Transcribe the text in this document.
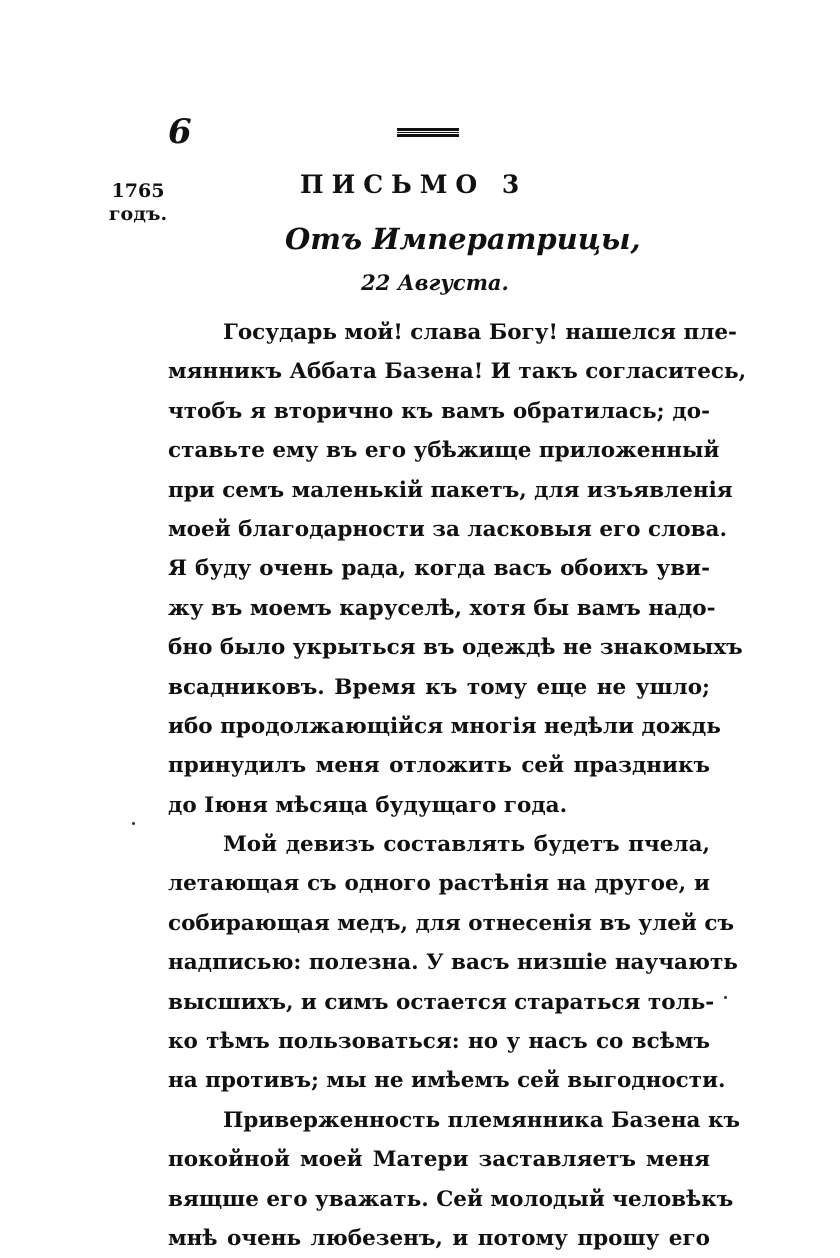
6
1765
годъ.
ПИСЬМО 3
Отъ Императрицы,
22 Августа.
Государь мой! слава Богу! нашелся пле-
мянникъ Аббата Базена! И такъ согласитесь,
чтобъ я вторично къ вамъ обратилась; до-
ставьте ему въ его убѣжище приложенный
при семъ маленькій пакетъ, для изъявленія
моей благодарности за ласковыя его слова.
Я буду очень рада, когда васъ обоихъ уви-
жу въ моемъ каруселѣ, хотя бы вамъ надо-
бно было укрыться въ одеждѣ не знакомыхъ
всадниковъ. Время къ тому еще не ушло;
ибо продолжающійся многія недѣли дождь
принудилъ меня отложить сей праздникъ
до Іюня мѣсяца будущаго года.
Мой девизъ составлять будетъ пчела,
летающая съ одного растѣнія на другое, и
собирающая медъ, для отнесенія въ улей съ
надписью: полезна. У васъ низшіе научають
высшихъ, и симъ остается стараться толь-
ко тѣмъ пользоваться: но у насъ со всѣмъ
на противъ; мы не имѣемъ сей выгодности.
Приверженность племянника Базена къ
покойной моей Матери заставляетъ меня
вящше его уважать. Сей молодый человѣкъ
мнѣ очень любезенъ, и потому прошу его
